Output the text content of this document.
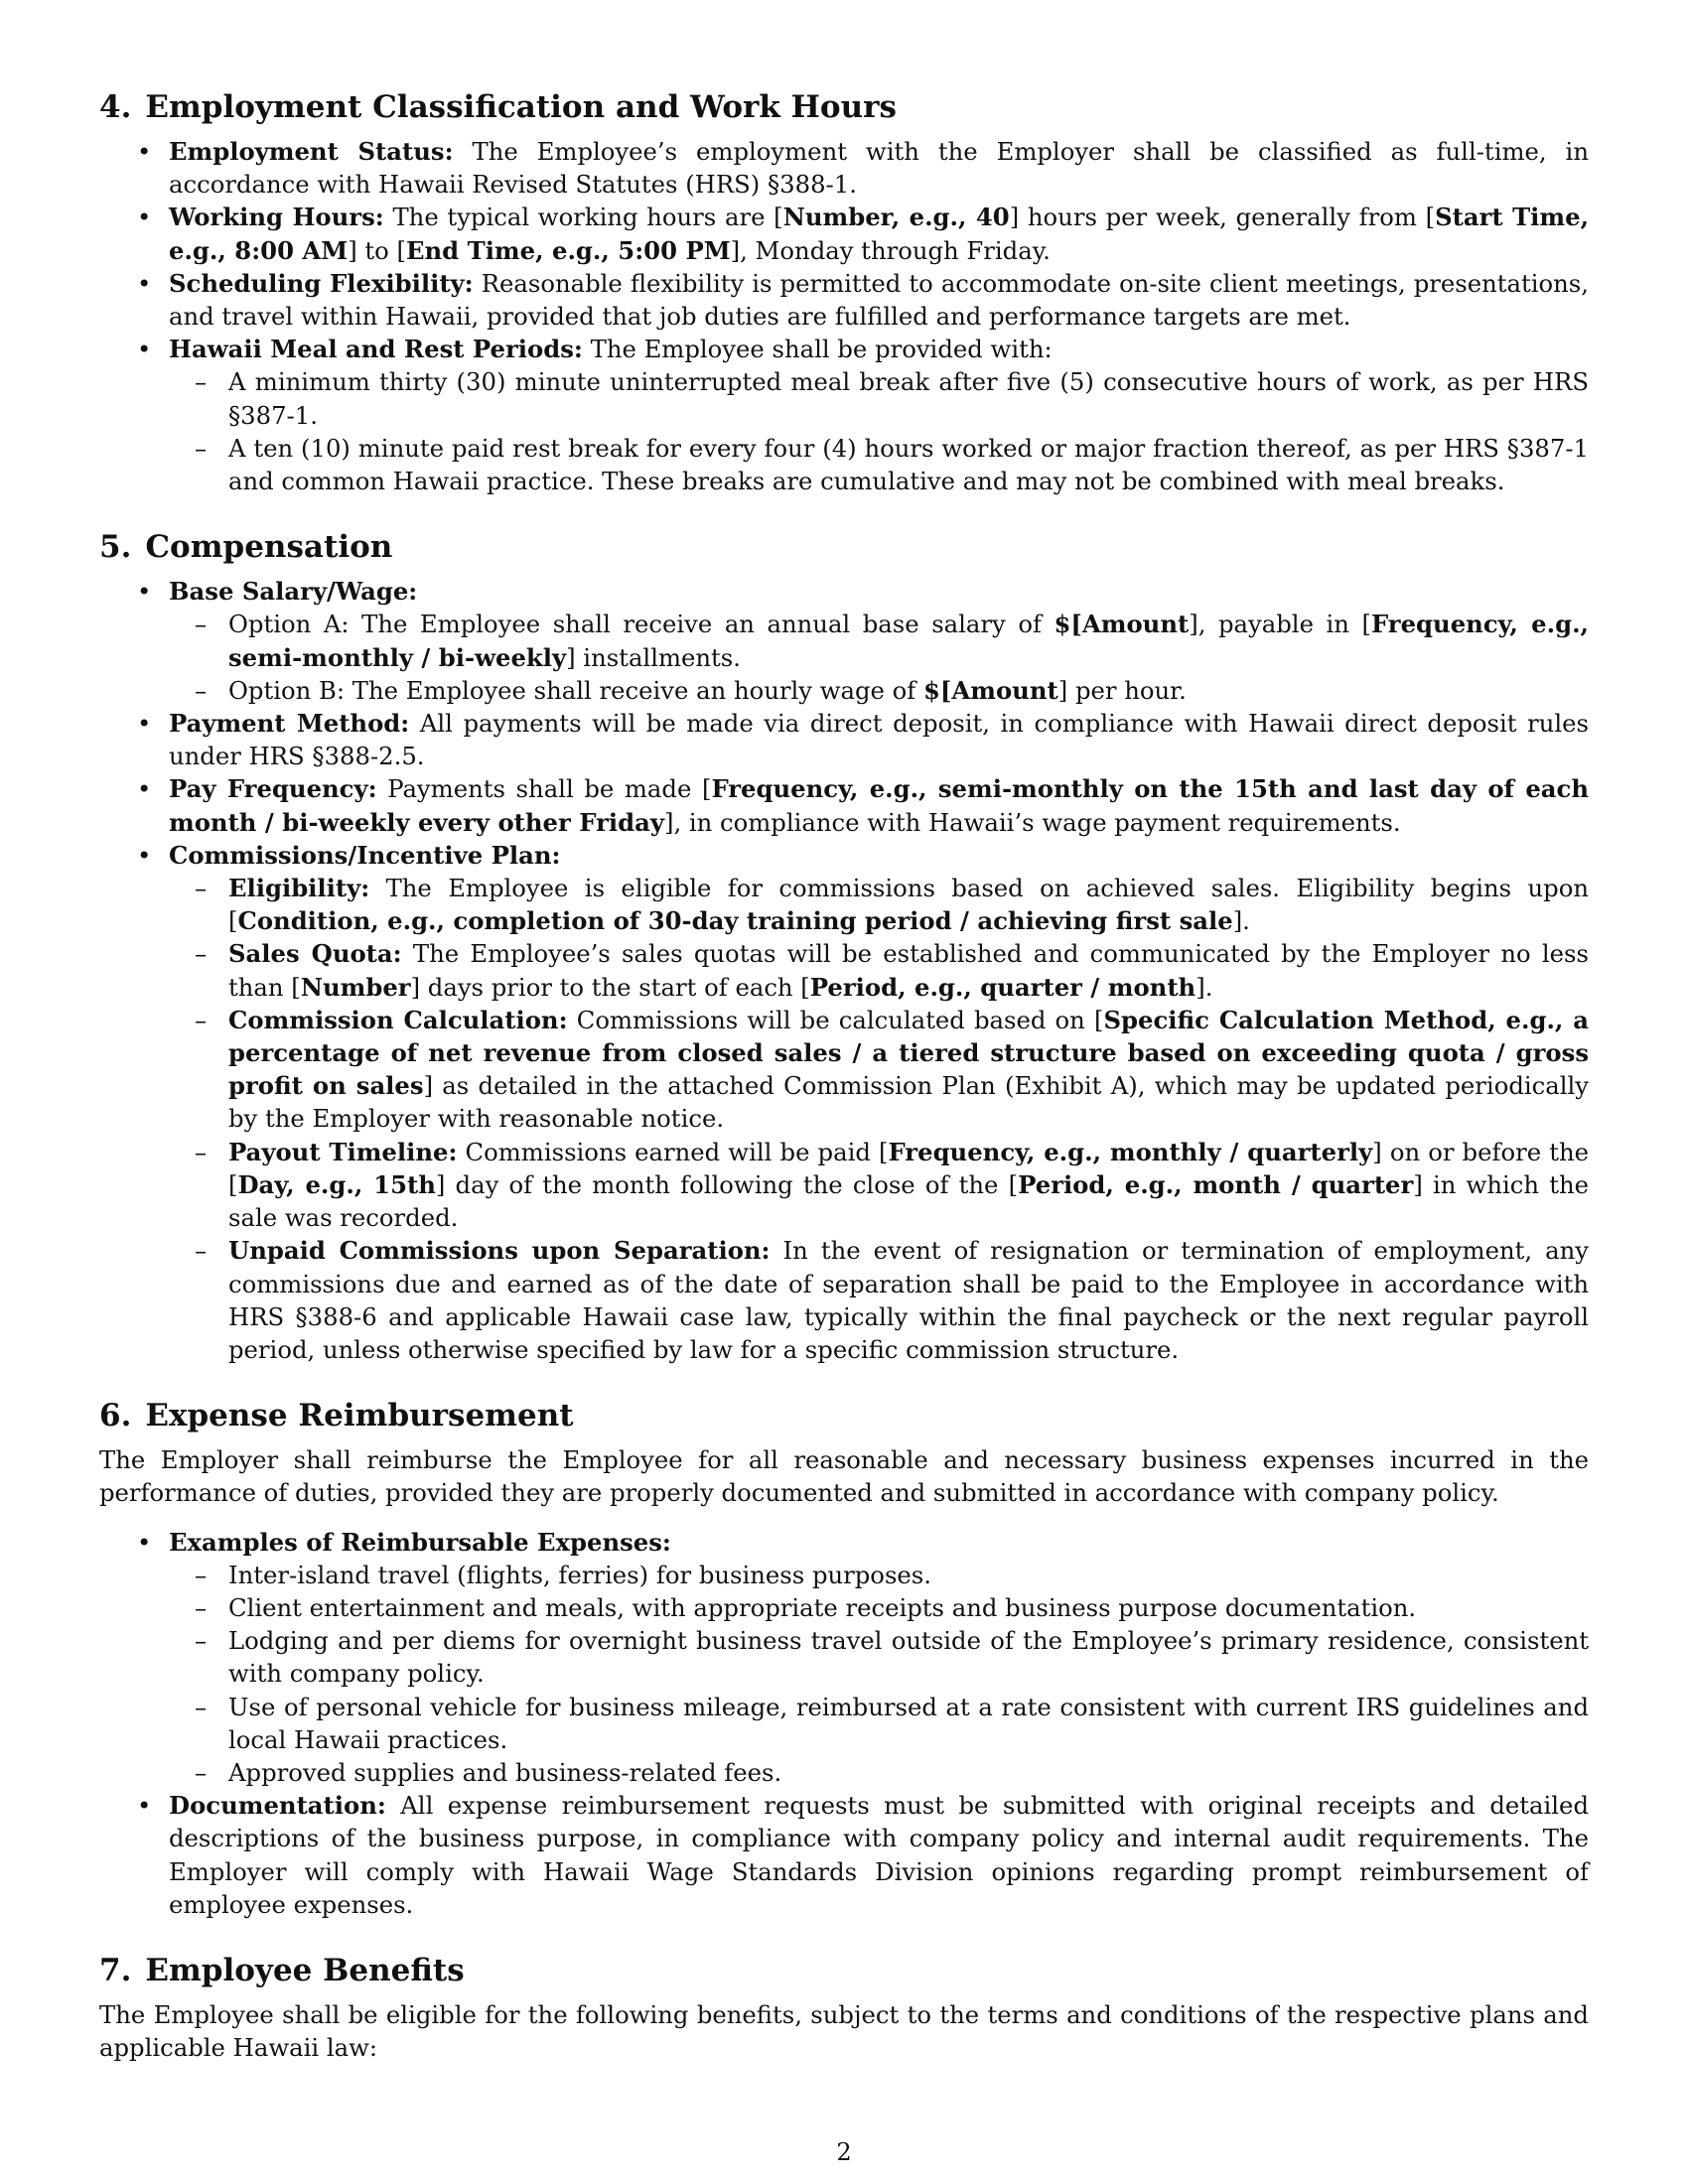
4. Employment Classification and Work Hours
• Employment Status: The Employee’s employment with the Employer shall be classified as full-time, in accordance with Hawaii Revised Statutes (HRS) §388-1.
• Working Hours: The typical working hours are [Number, e.g., 40] hours per week, generally from [Start Time, e.g., 8:00 AM] to [End Time, e.g., 5:00 PM], Monday through Friday.
• Scheduling Flexibility: Reasonable flexibility is permitted to accommodate on-site client meetings, presentations, and travel within Hawaii, provided that job duties are fulfilled and performance targets are met.
• Hawaii Meal and Rest Periods: The Employee shall be provided with:
– A minimum thirty (30) minute uninterrupted meal break after five (5) consecutive hours of work, as per HRS §387-1.
– A ten (10) minute paid rest break for every four (4) hours worked or major fraction thereof, as per HRS §387-1 and common Hawaii practice. These breaks are cumulative and may not be combined with meal breaks.
5. Compensation
• Base Salary/Wage:
– Option A: The Employee shall receive an annual base salary of $[Amount], payable in [Frequency, e.g., semi-monthly / bi-weekly] installments.
– Option B: The Employee shall receive an hourly wage of $[Amount] per hour.
• Payment Method: All payments will be made via direct deposit, in compliance with Hawaii direct deposit rules under HRS §388-2.5.
• Pay Frequency: Payments shall be made [Frequency, e.g., semi-monthly on the 15th and last day of each month / bi-weekly every other Friday], in compliance with Hawaii’s wage payment requirements.
• Commissions/Incentive Plan:
– Eligibility: The Employee is eligible for commissions based on achieved sales. Eligibility begins upon [Condition, e.g., completion of 30-day training period / achieving first sale].
– Sales Quota: The Employee’s sales quotas will be established and communicated by the Employer no less than [Number] days prior to the start of each [Period, e.g., quarter / month].
– Commission Calculation: Commissions will be calculated based on [Specific Calculation Method, e.g., a percentage of net revenue from closed sales / a tiered structure based on exceeding quota / gross profit on sales] as detailed in the attached Commission Plan (Exhibit A), which may be updated periodically by the Employer with reasonable notice.
– Payout Timeline: Commissions earned will be paid [Frequency, e.g., monthly / quarterly] on or before the [Day, e.g., 15th] day of the month following the close of the [Period, e.g., month / quarter] in which the sale was recorded.
– Unpaid Commissions upon Separation: In the event of resignation or termination of employment, any commissions due and earned as of the date of separation shall be paid to the Employee in accordance with HRS §388-6 and applicable Hawaii case law, typically within the final paycheck or the next regular payroll period, unless otherwise specified by law for a specific commission structure.
6. Expense Reimbursement

The Employer shall reimburse the Employee for all reasonable and necessary business expenses incurred in the performance of duties, provided they are properly documented and submitted in accordance with company policy.

• Examples of Reimbursable Expenses:
– Inter-island travel (flights, ferries) for business purposes.
– Client entertainment and meals, with appropriate receipts and business purpose documentation.
– Lodging and per diems for overnight business travel outside of the Employee’s primary residence, consistent with company policy.
– Use of personal vehicle for business mileage, reimbursed at a rate consistent with current IRS guidelines and local Hawaii practices.
– Approved supplies and business-related fees.
• Documentation: All expense reimbursement requests must be submitted with original receipts and detailed descriptions of the business purpose, in compliance with company policy and internal audit requirements. The Employer will comply with Hawaii Wage Standards Division opinions regarding prompt reimbursement of employee expenses.
7. Employee Benefits

The Employee shall be eligible for the following benefits, subject to the terms and conditions of the respective plans and applicable Hawaii law:

2
